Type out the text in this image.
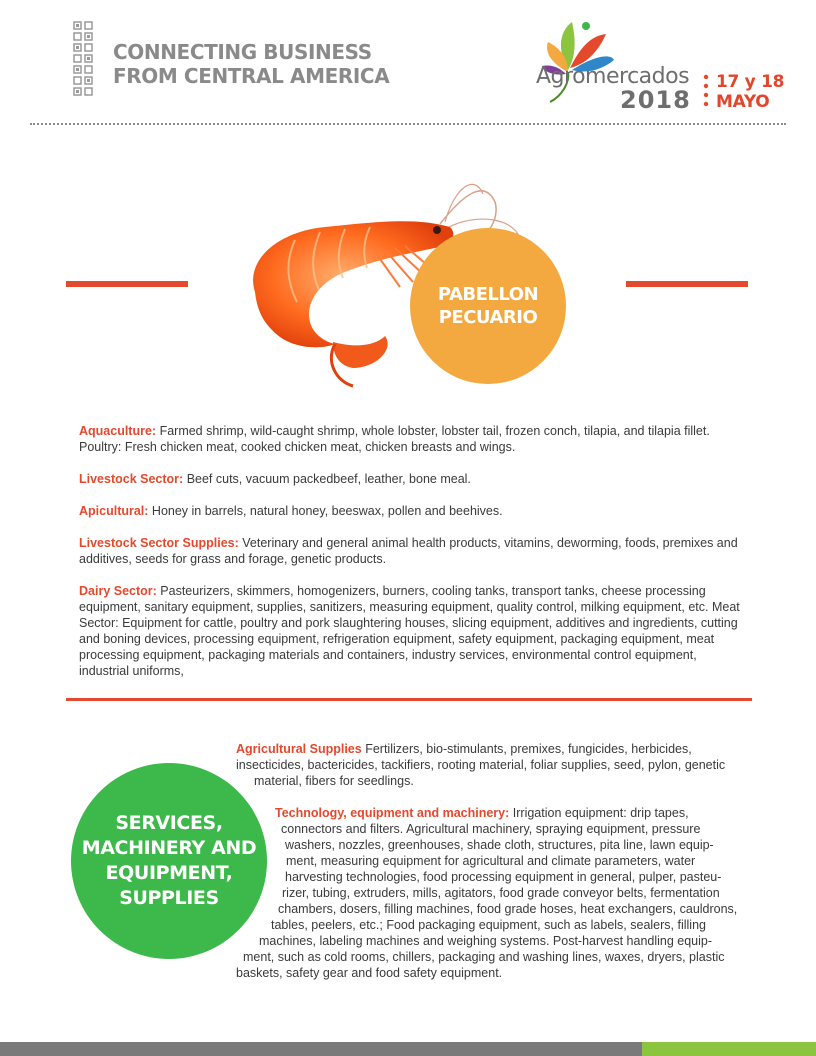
CONNECTING BUSINESS
FROM CENTRAL AMERICA	Agromercados
2018
17 y 18
MAYO
PABELLON
PECUARIO
Aquaculture: Farmed shrimp, wild-caught shrimp, whole lobster, lobster tail, frozen conch, tilapia, and tilapia fillet. Poultry: Fresh chicken meat, cooked chicken meat, chicken breasts and wings.
Livestock Sector: Beef cuts, vacuum packedbeef, leather, bone meal.
Apicultural: Honey in barrels, natural honey, beeswax, pollen and beehives.
Livestock Sector Supplies: Veterinary and general animal health products, vitamins, deworming, foods, premixes and additives, seeds for grass and forage, genetic products.
Dairy Sector: Pasteurizers, skimmers, homogenizers, burners, cooling tanks, transport tanks, cheese processing equipment, sanitary equipment, supplies, sanitizers, measuring equipment, quality control, milking equipment, etc. Meat Sector: Equipment for cattle, poultry and pork slaughtering houses, slicing equipment, additives and ingredients, cutting and boning devices, processing equipment, refrigeration equipment, safety equipment, packaging equipment, meat processing equipment, packaging materials and containers, industry services, environmental control equipment, industrial uniforms,
SERVICES,
MACHINERY AND
EQUIPMENT,
SUPPLIES
Agricultural Supplies Fertilizers, bio-stimulants, premixes, fungicides, herbicides,
insecticides, bactericides, tackifiers, rooting material, foliar supplies, seed, pylon, genetic
material, fibers for seedlings.
Technology, equipment and machinery: Irrigation equipment: drip tapes,
connectors and filters. Agricultural machinery, spraying equipment, pressure
washers, nozzles, greenhouses, shade cloth, structures, pita line, lawn equip-
ment, measuring equipment for agricultural and climate parameters, water
harvesting technologies, food processing equipment in general, pulper, pasteu-
rizer, tubing, extruders, mills, agitators, food grade conveyor belts, fermentation
chambers, dosers, filling machines, food grade hoses, heat exchangers, cauldrons,
tables, peelers, etc.; Food packaging equipment, such as labels, sealers, filling
machines, labeling machines and weighing systems. Post-harvest handling equip-
ment, such as cold rooms, chillers, packaging and washing lines, waxes, dryers, plastic
baskets, safety gear and food safety equipment.
